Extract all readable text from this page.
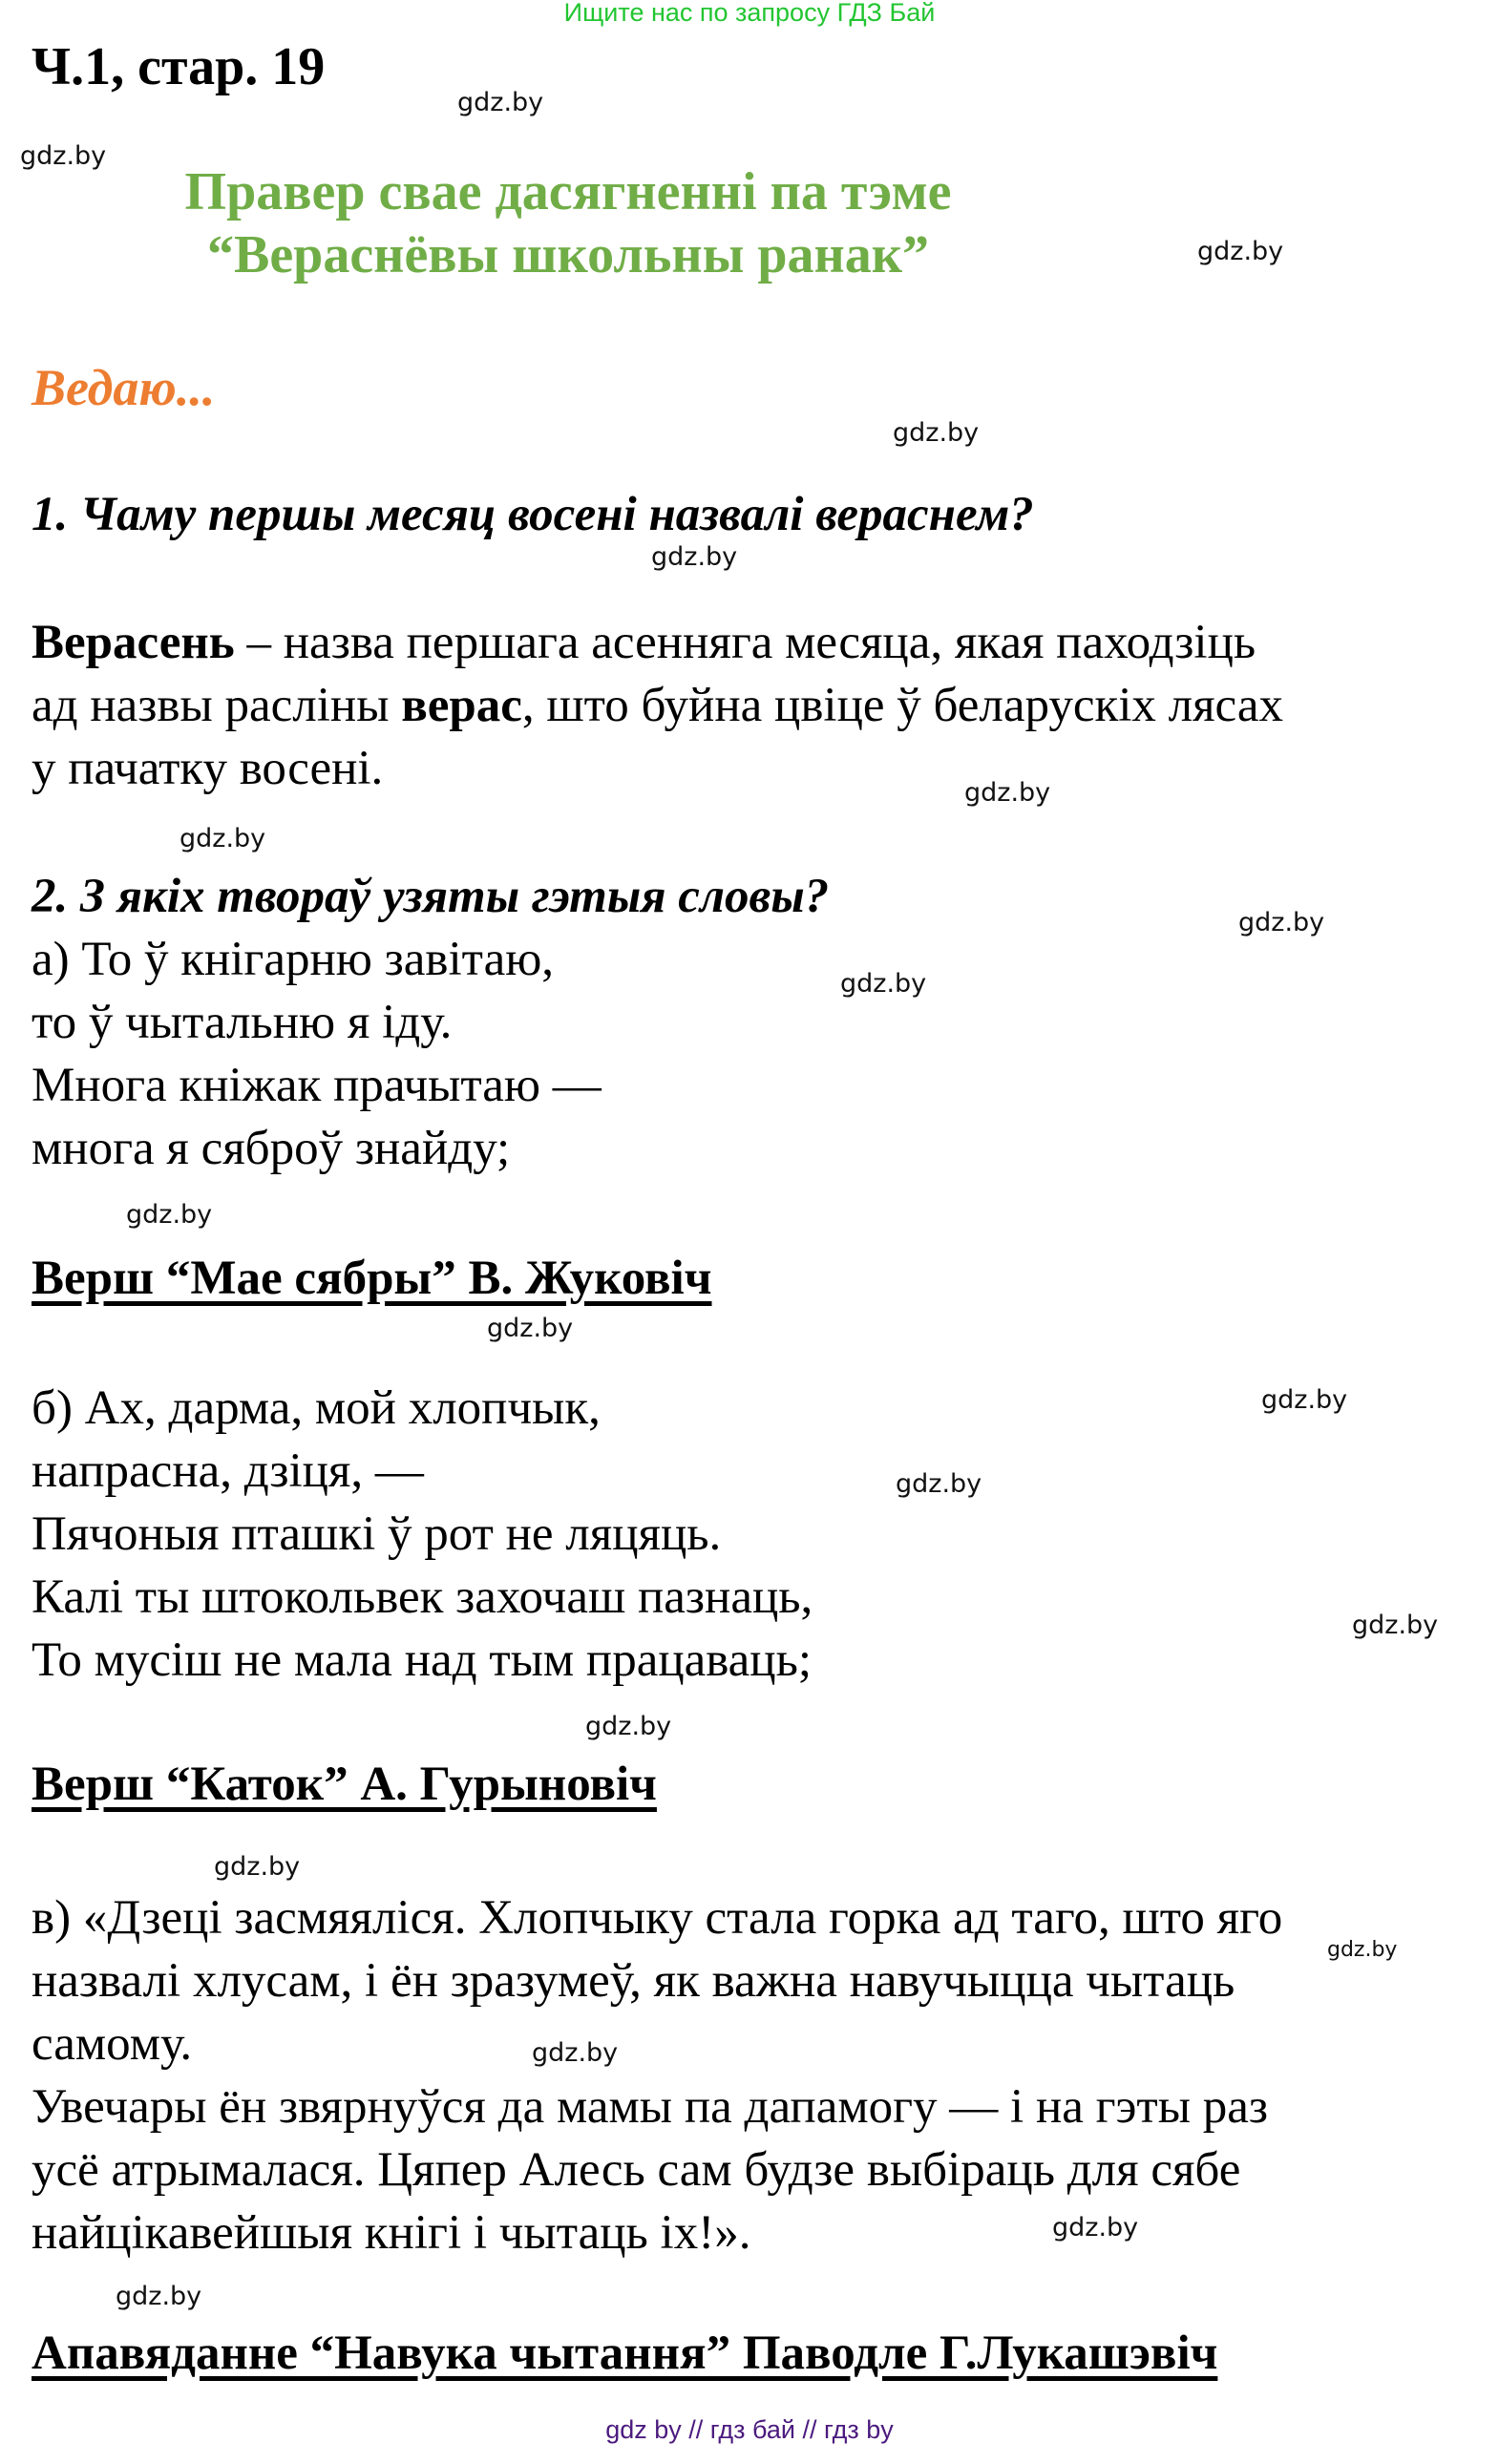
Ищите нас по запросу ГДЗ Бай
Ч.1, стар. 19
Правер свае дасягненні па тэме
“Вераснёвы школьны ранак”
Ведаю...
1. Чаму першы месяц восені назвалі вераснем?
Верасень – назва першага асенняга месяца, якая паходзіць
ад назвы расліны верас, што буйна цвіце ў беларускіх лясах
у пачатку восені.
2. З якіх твораў узяты гэтыя словы?
а) То ў кнігарню завітаю,
то ў чытальню я іду.
Многа кніжак прачытаю —
многа я сяброў знайду;
Верш “Мае сябры” В. Жуковіч
б) Ах, дарма, мой хлопчык,
напрасна, дзіця, —
Пячоныя пташкі ў рот не ляцяць.
Калі ты штокольвек захочаш пазнаць,
То мусіш не мала над тым працаваць;
Верш “Каток” А. Гурыновіч
в) «Дзеці засмяяліся. Хлопчыку стала горка ад таго, што яго
назвалі хлусам, і ён зразумеў, як важна навучыцца чытаць
самому.
Увечары ён звярнуўся да мамы па дапамогу — і на гэты раз
усё атрымалася. Цяпер Алесь сам будзе выбіраць для сябе
найцікавейшыя кнігі і чытаць іх!».
Апавяданне “Навука чытання” Паводле Г.Лукашэвіч
gdz.by
gdz.by
gdz.by
gdz.by
gdz.by
gdz.by
gdz.by
gdz.by
gdz.by
gdz.by
gdz.by
gdz.by
gdz.by
gdz.by
gdz.by
gdz.by
gdz.by
gdz.by
gdz.by
gdz.by
gdz by // гдз бай // гдз by
